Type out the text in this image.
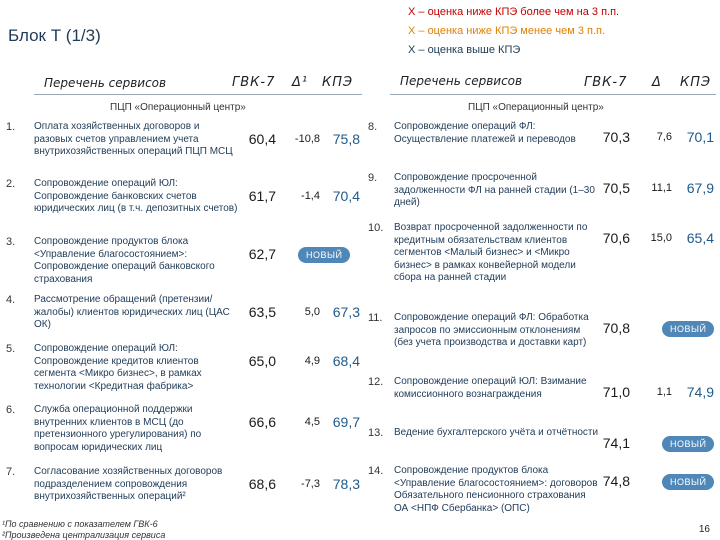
Блок Т (1/3)
X – оценка ниже КПЭ более чем на 3 п.п.
X – оценка ниже КПЭ менее чем 3 п.п.
X – оценка выше КПЭ
Перечень сервисов	ГВК-7 Δ¹ КПЭ	Перечень сервисов	ГВК-7 Δ КПЭ
ПЦП «Операционный центр»	ПЦП «Операционный центр»
1.	Оплата хозяйственных договоров и разовых счетов управлением учета внутрихозяйственных операций ПЦП МСЦ
60,4	-10,8 75,8
2.	Сопровождение операций ЮЛ: Сопровождение банковских счетов юридических лиц (в т.ч. депозитных счетов)
61,7	-1,4 70,4
3.	Сопровождение продуктов блока <Управление благосостоянием>: Сопровождение операций банковского страхования
62,7	НОВЫЙ
4.	Рассмотрение обращений (претензии/жалобы) клиентов юридических лиц (ЦАС ОК)
63,5	5,0 67,3
5.	Сопровождение операций ЮЛ: Сопровождение кредитов клиентов сегмента <Микро бизнес>, в рамках технологии <Кредитная фабрика>
65,0	4,9 68,4
6.	Служба операционной поддержки внутренних клиентов в МСЦ (до претензионного урегулирования) по вопросам юридических лиц
66,6	4,5 69,7
7.	Согласование хозяйственных договоров подразделением сопровождения внутрихозяйственных операций²
68,6	-7,3 78,3
8.	Сопровождение операций ФЛ: Осуществление платежей и переводов	70,3	7,6	70,1
9.	Сопровождение просроченной задолженности ФЛ на ранней стадии (1–30 дней)
70,5	11,1	67,9
10.	Возврат просроченной задолженности по кредитным обязательствам клиентов сегментов <Малый бизнес> и <Микро бизнес> в рамках конвейерной модели сбора на ранней стадии
70,6	15,0	65,4
11.	Сопровождение операций ФЛ: Обработка запросов по эмиссионным отклонениям (без учета производства и доставки карт)
70,8	НОВЫЙ
12.	Сопровождение операций ЮЛ: Взимание комиссионного вознаграждения	71,0	1,1	74,9
13.	Ведение бухгалтерского учёта и отчётности
74,1	НОВЫЙ
14.	Сопровождение продуктов блока <Управление благосостоянием>: договоров Обязательного пенсионного страхования ОА <НПФ Сбербанка> (ОПС)
74,8	НОВЫЙ
¹По сравнению с показателем ГВК-6
²Произведена централизация сервиса	16
